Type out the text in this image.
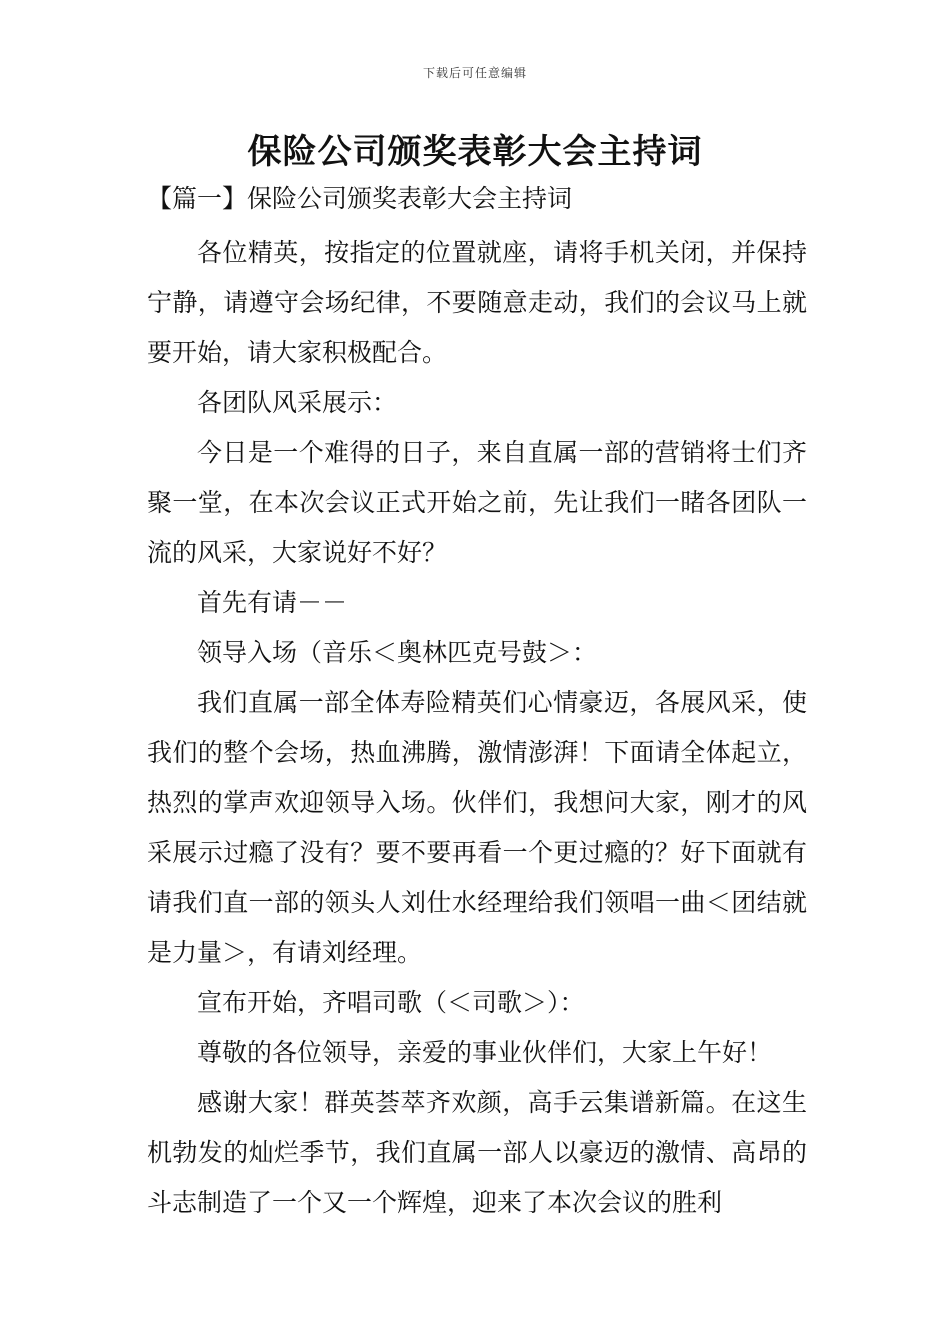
下载后可任意编辑
保险公司颁奖表彰大会主持词
【篇一】保险公司颁奖表彰大会主持词

各位精英，按指定的位置就座，请将手机关闭，并保持宁静，请遵守会场纪律，不要随意走动，我们的会议马上就要开始，请大家积极配合。

各团队风采展示：

今日是一个难得的日子，来自直属一部的营销将士们齐聚一堂，在本次会议正式开始之前，先让我们一睹各团队一流的风采，大家说好不好？

首先有请－－

领导入场（音乐＜奥林匹克号鼓＞：

我们直属一部全体寿险精英们心情豪迈，各展风采，使我们的整个会场，热血沸腾，激情澎湃！下面请全体起立，热烈的掌声欢迎领导入场。伙伴们，我想问大家，刚才的风采展示过瘾了没有？要不要再看一个更过瘾的？好下面就有请我们直一部的领头人刘仕水经理给我们领唱一曲＜团结就是力量＞，有请刘经理。

宣布开始，齐唱司歌（＜司歌＞）：

尊敬的各位领导，亲爱的事业伙伴们，大家上午好！

感谢大家！群英荟萃齐欢颜，高手云集谱新篇。在这生机勃发的灿烂季节，我们直属一部人以豪迈的激情、高昂的斗志制造了一个又一个辉煌，迎来了本次会议的胜利
